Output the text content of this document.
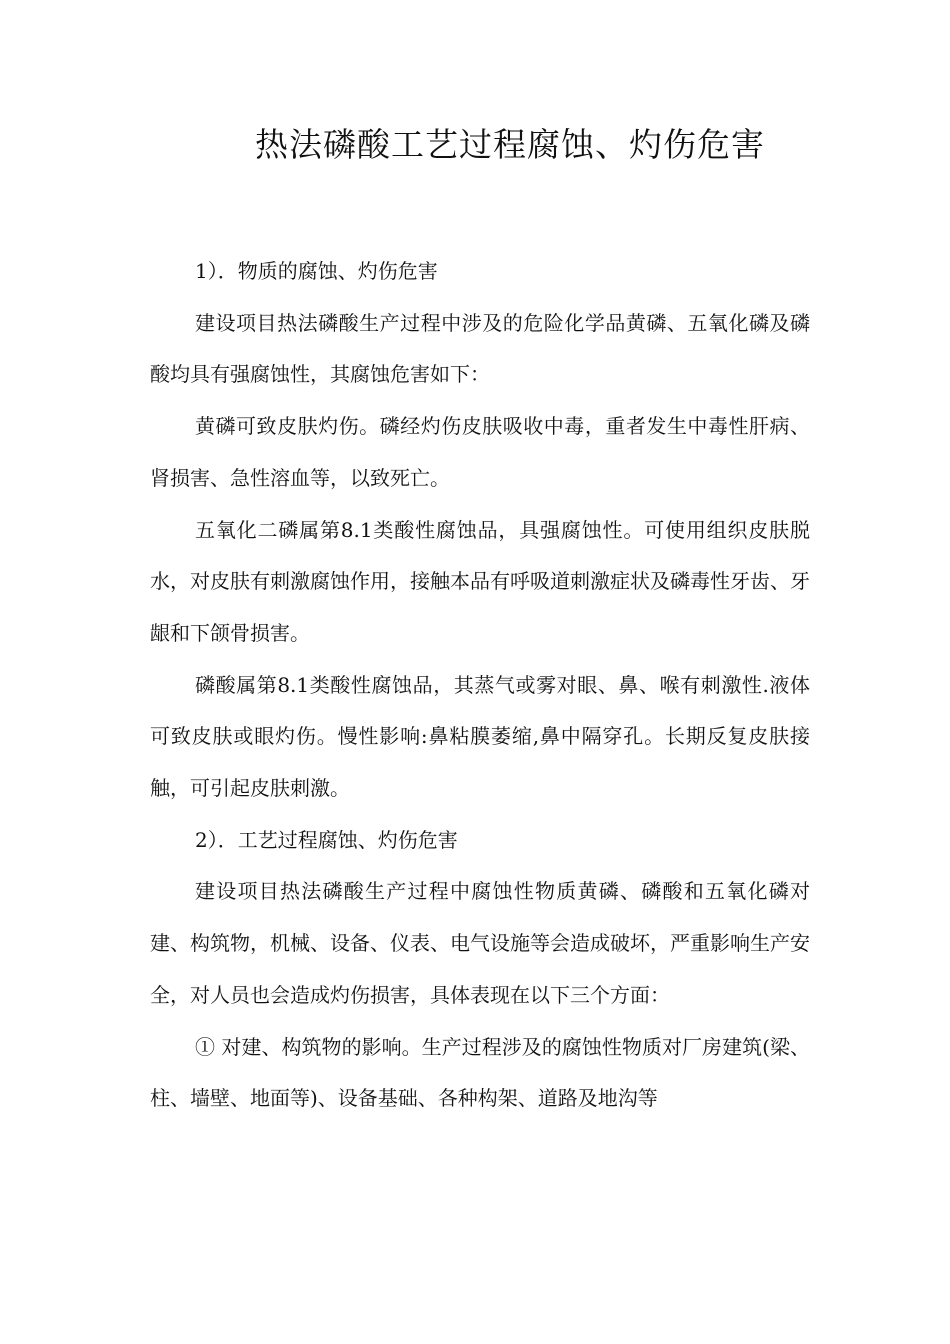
热法磷酸工艺过程腐蚀、灼伤危害

1）．物质的腐蚀、灼伤危害

建设项目热法磷酸生产过程中涉及的危险化学品黄磷、五氧化磷及磷酸均具有强腐蚀性，其腐蚀危害如下：

黄磷可致皮肤灼伤。磷经灼伤皮肤吸收中毒，重者发生中毒性肝病、肾损害、急性溶血等，以致死亡。

五氧化二磷属第8.1类酸性腐蚀品，具强腐蚀性。可使用组织皮肤脱水，对皮肤有刺激腐蚀作用，接触本品有呼吸道刺激症状及磷毒性牙齿、牙龈和下颌骨损害。

磷酸属第8.1类酸性腐蚀品，其蒸气或雾对眼、鼻、喉有刺激性.液体可致皮肤或眼灼伤。慢性影响:鼻粘膜萎缩,鼻中隔穿孔。长期反复皮肤接触，可引起皮肤刺激。

2）．工艺过程腐蚀、灼伤危害

建设项目热法磷酸生产过程中腐蚀性物质黄磷、磷酸和五氧化磷对建、构筑物，机械、设备、仪表、电气设施等会造成破坏，严重影响生产安全，对人员也会造成灼伤损害，具体表现在以下三个方面：

① 对建、构筑物的影响。生产过程涉及的腐蚀性物质对厂房建筑(梁、柱、墙壁、地面等)、设备基础、各种构架、道路及地沟等
